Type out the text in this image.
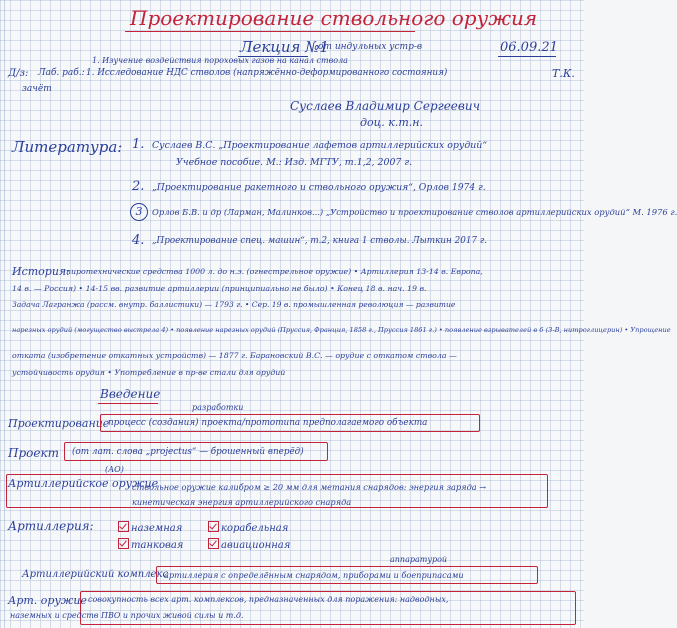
Проектирование ствольного оружия
Лекция №1
от индульных устр-в	06.09.21
1. Изучение воздействия пороховых газов на канал ствола
Д/з: Лаб. раб.: 1. Исследование НДС стволов (напряжённо-деформированного состояния)	Т.К.
зачёт
Суслаев Владимир Сергеевич
доц. к.т.н.
Литература: 1. Суслаев В.С. „Проектирование лафетов артиллерийских орудий“
Учебное пособие. М.: Изд. МГТУ, т.1,2, 2007 г.
2. „Проектирование ракетного и ствольного оружия“, Орлов 1974 г.
3	Орлов Б.В. и др (Ларман, Малинков...) „Устройство и проектирование стволов артиллерийских орудий“ М. 1976 г.
4. „Проектирование спец. машин“, т.2, книга 1 стволы. Лыткин 2017 г.
История:
пиротехнические средства 1000 л. до н.э. (огнестрельное оружие) • Артиллерия 13-14 в. Европа,
14 в. — Россия) • 14-15 вв. развитие артиллерии (принципиально не было) • Конец 18 в. нач. 19 в.
Задача Лагранжа (рассм. внутр. баллистики) — 1793 г. • Сер. 19 в. промышленная революция — развитие
нарезных орудий (могущество выстрела 4) • появление нарезных орудий (Пруссия, Франция, 1858 г., Пруссия 1861 г.) • появление взрывателей в 6 (3-В, нитроглицерин) • Упрощение
отката (изобретение откатных устройств) — 1877 г. Барановский В.С. — орудие с откатом ствола —
устойчивость орудия • Употребление в пр-ве стали для орудий
Введение
разработки
Проектирование
процесс (создания) проекта/прототипа предполагаемого объекта
Проект (от лат. слова „projectus“ — брошенный вперёд)
(АО)
Артиллерийское оружие
ствольное оружие калибром ≥ 20 мм для метания снарядов: энергия заряда → кинетическая энергия артиллерийского снаряда
Артиллерия:	наземная	корабельная
танковая	авиационная
аппаратурой
Артиллерийский комплекс
артиллерия с определённым снарядом, приборами и боеприпасами
Арт. оружие совокупность всех арт. комплексов, предназначенных для поражения: надводных,
наземных и средств ПВО и прочих живой силы и т.д.
